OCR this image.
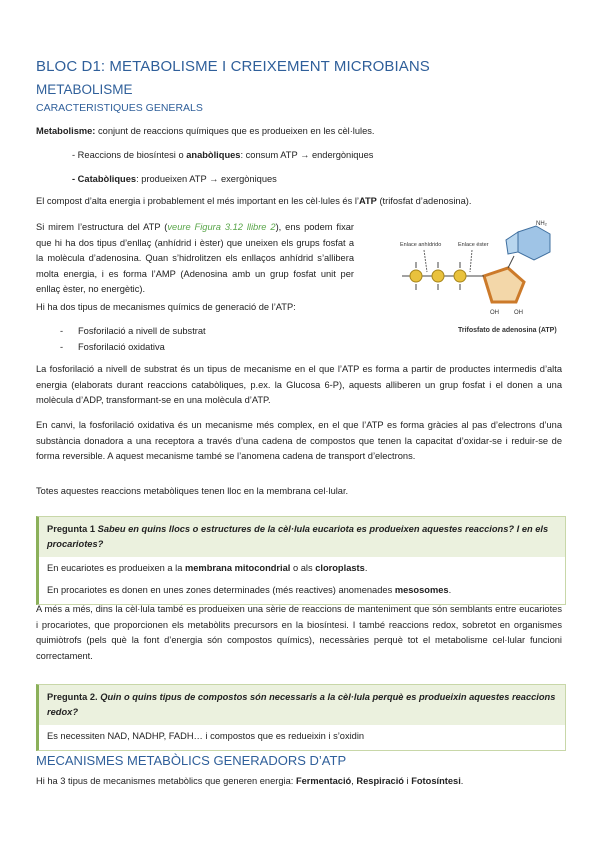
BLOC D1: METABOLISME I CREIXEMENT MICROBIANS
METABOLISME
CARACTERISTIQUES GENERALS

Metabolisme: conjunt de reaccions químiques que es produeixen en les cèl·lules.

- Reaccions de biosíntesi o anabòliques: consum ATP → endergòniques

- Catabòliques: produeixen ATP → exergòniques

El compost d’alta energia i probablement el més important en les cèl·lules és l’ATP (trifosfat d’adenosina).

Si mirem l’estructura del ATP (veure Figura 3.12 llibre 2), ens podem fixar que hi ha dos tipus d’enllaç (anhídrid i èster) que uneixen els grups fosfat a la molècula d’adenosina. Quan s’hidrolitzen els enllaços anhídrid s’allibera molta energia, i es forma l’AMP (Adenosina amb un grup fosfat unit per enllaç èster, no energètic).

Hi ha dos tipus de mecanismes químics de generació de l’ATP:

- Fosforilació a nivell de substrat
- Fosforilació oxidativa

La fosforilació a nivell de substrat és un tipus de mecanisme en el que l’ATP es forma a partir de productes intermedis d’alta energia (elaborats durant reaccions catabòliques, p.ex. la Glucosa 6-P), aquests alliberen un grup fosfat i el donen a una molècula d’ADP, transformant-se en una molècula d’ATP.

En canvi, la fosforilació oxidativa és un mecanisme més complex, en el que l’ATP es forma gràcies al pas d’electrons d’una substància donadora a una receptora a través d’una cadena de compostos que tenen la capacitat d’oxidar-se i reduir-se de forma reversible. A aquest mecanisme també se l’anomena cadena de transport d’electrons.

Totes aquestes reaccions metabòliques tenen lloc en la membrana cel·lular.

Pregunta 1 Sabeu en quins llocs o estructures de la cèl·lula eucariota es produeixen aquestes reaccions? I en els procariotes?
En eucariotes es produeixen a la membrana mitocondrial o als cloroplasts.
En procariotes es donen en unes zones determinades (més reactives) anomenades mesosomes.

A més a més, dins la cèl·lula també es produeixen una sèrie de reaccions de manteniment que són semblants entre eucariotes i procariotes, que proporcionen els metabòlits precursors en la biosíntesi. I també reaccions redox, sobretot en organismes quimiòtrofs (pels què la font d’energia són compostos químics), necessàries perquè tot el metabolisme cel·lular funcioni correctament.

Pregunta 2. Quin o quins tipus de compostos són necessaris a la cèl·lula perquè es produeixin aquestes reaccions redox?
Es necessiten NAD, NADHP, FADH… i compostos que es redueixin i s’oxidin
MECANISMES METABÒLICS GENERADORS D’ATP

Hi ha 3 tipus de mecanismes metabòlics que generen energia: Fermentació, Respiració i Fotosíntesi.

NH₂
OH	OH
Enlace anhídrido	Enlace éster
Trifosfato de adenosina (ATP)
